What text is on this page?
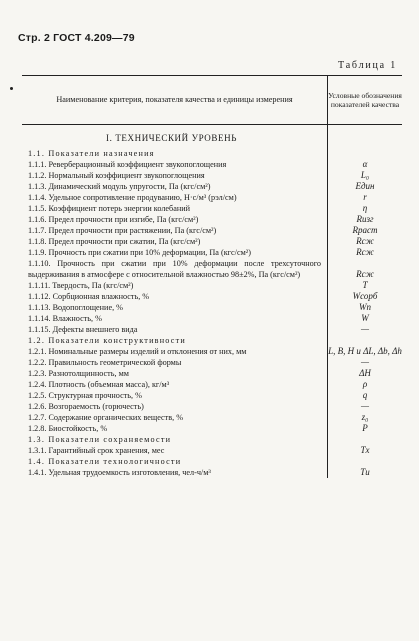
Стр. 2 ГОСТ 4.209—79
Таблица 1
Наименование критерия, показателя качества и единицы измерения	Условные обозначения показателей качества
I. ТЕХНИЧЕСКИЙ УРОВЕНЬ
1.1. Показатели назначения
1.1.1. Реверберационный коэффициент звукопоглощения
1.1.2. Нормальный коэффициент звукопоглощения
1.1.3. Динамический модуль упругости, Па (кгс/см²)
1.1.4. Удельное сопротивление продуванию, Н·с/м³ (рэл/см)
1.1.5. Коэффициент потерь энергии колебаний
1.1.6. Предел прочности при изгибе, Па (кгс/см²)
1.1.7. Предел прочности при растяжении, Па (кгс/см²)
1.1.8. Предел прочности при сжатии, Па (кгс/см²)
1.1.9. Прочность при сжатии при 10% деформации, Па (кгс/см²)
1.1.10. Прочность при сжатии при 10% деформации после трехсуточного выдерживания в атмосфере с относительной влажностью 98±2%, Па (кгс/см²)
1.1.11. Твердость, Па (кгс/см²)
1.1.12. Сорбционная влажность, %
1.1.13. Водопоглощение, %
1.1.14. Влажность, %
1.1.15. Дефекты внешнего вида
1.2. Показатели конструктивности
1.2.1. Номинальные размеры изделий и отклонения от них, мм
1.2.2. Правильность геометрической формы
1.2.3. Разнотолщинность, мм
1.2.4. Плотность (объемная масса), кг/м³
1.2.5. Структурная прочность, %
1.2.6. Возгораемость (горючесть)
1.2.7. Содержание органических веществ, %
1.2.8. Биостойкость, %
1.3. Показатели сохраняемости
1.3.1. Гарантийный срок хранения, мес
1.4. Показатели технологичности
1.4.1. Удельная трудоемкость изготовления, чел-ч/м³
α
L₀
Eдин
r
η
Rизг
Rраст
Rсж
Rсж
Rсж
T
Wсорб
Wп
W
—
L, B, H и ΔL, Δb, Δh
—
ΔH
ρ
q
—
z₀
P
Tх
Tи
